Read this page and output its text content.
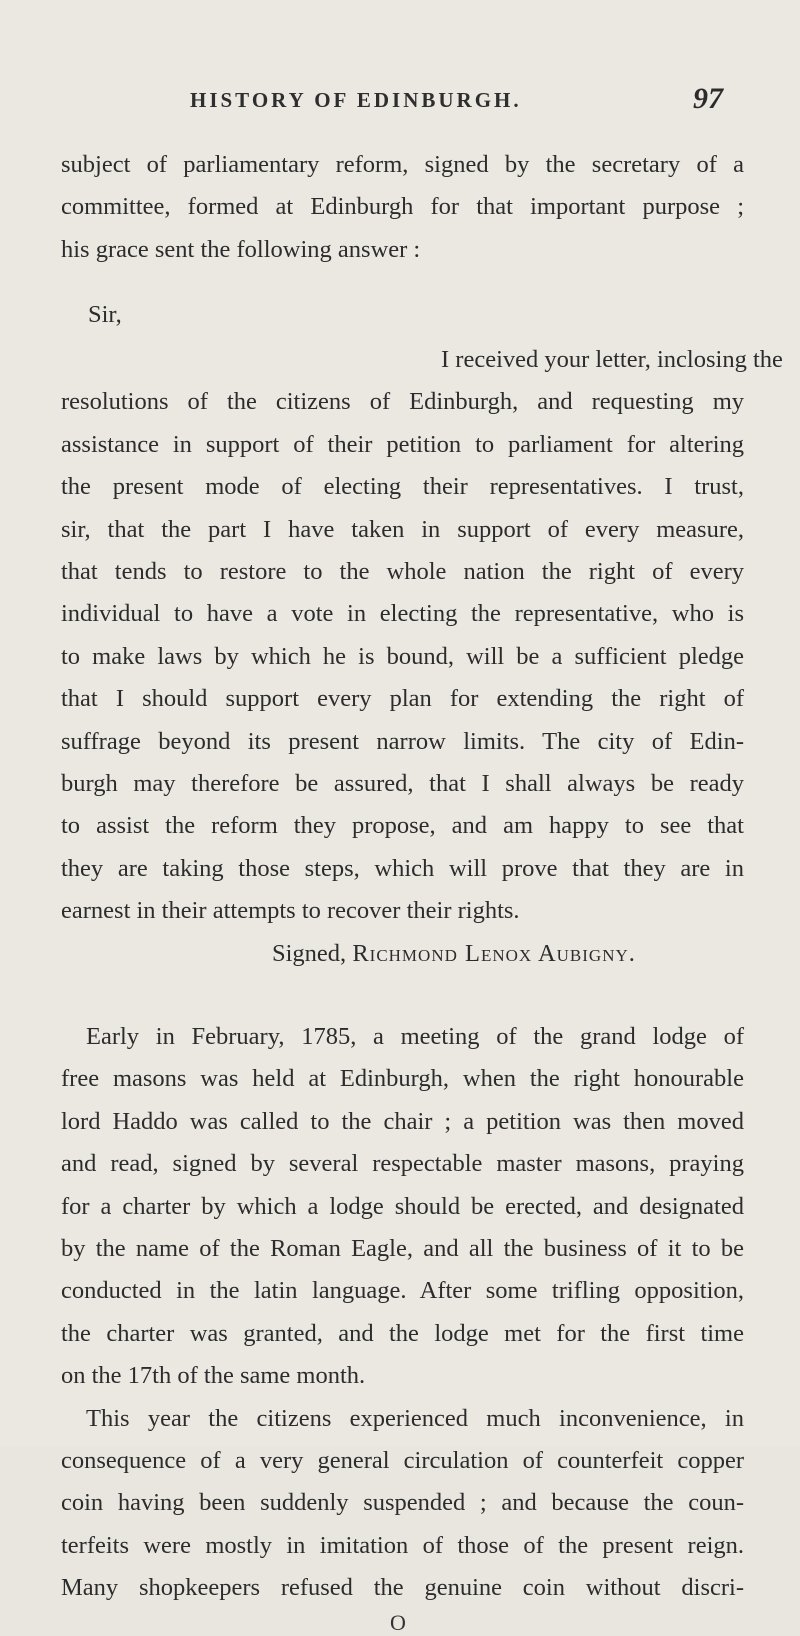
HISTORY OF EDINBURGH.	97
subject of parliamentary reform, signed by the secretary of a
committee, formed at Edinburgh for that important purpose ;
his grace sent the following answer :
Sir,
I received your letter, inclosing the
resolutions of the citizens of Edinburgh, and requesting my
assistance in support of their petition to parliament for altering
the present mode of electing their representatives. I trust,
sir, that the part I have taken in support of every measure,
that tends to restore to the whole nation the right of every
individual to have a vote in electing the representative, who is
to make laws by which he is bound, will be a sufficient pledge
that I should support every plan for extending the right of
suffrage beyond its present narrow limits. The city of Edin-
burgh may therefore be assured, that I shall always be ready
to assist the reform they propose, and am happy to see that
they are taking those steps, which will prove that they are in
earnest in their attempts to recover their rights.
Signed, Richmond Lenox Aubigny.
Early in February, 1785, a meeting of the grand lodge of
free masons was held at Edinburgh, when the right honourable
lord Haddo was called to the chair ; a petition was then moved
and read, signed by several respectable master masons, praying
for a charter by which a lodge should be erected, and designated
by the name of the Roman Eagle, and all the business of it to be
conducted in the latin language. After some trifling opposition,
the charter was granted, and the lodge met for the first time
on the 17th of the same month.
This year the citizens experienced much inconvenience, in
consequence of a very general circulation of counterfeit copper
coin having been suddenly suspended ; and because the coun-
terfeits were mostly in imitation of those of the present reign.
Many shopkeepers refused the genuine coin without discri-
O
